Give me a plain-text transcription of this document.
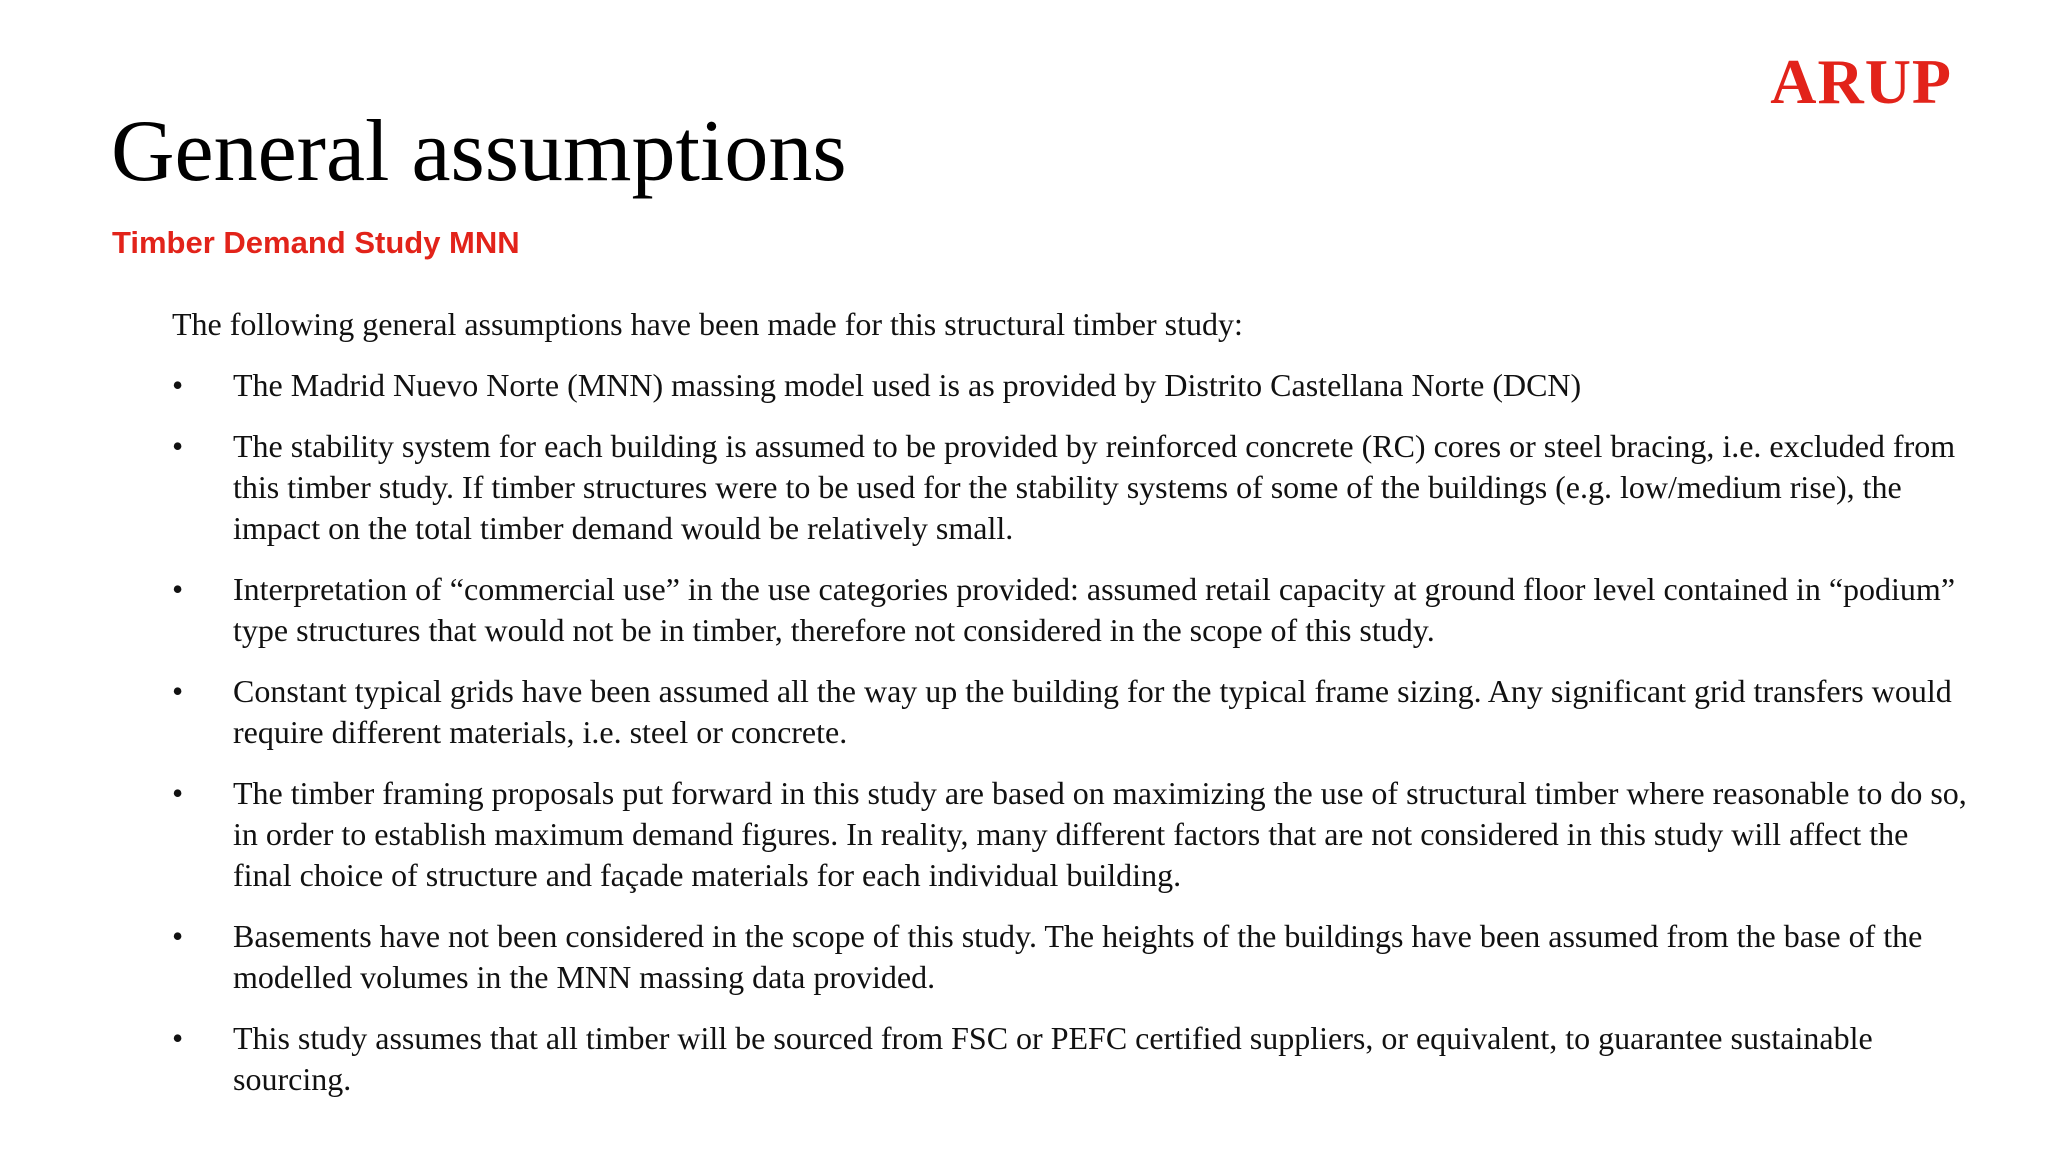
ARUP
General assumptions
Timber Demand Study MNN

The following general assumptions have been made for this structural timber study:

• The Madrid Nuevo Norte (MNN) massing model used is as provided by Distrito Castellana Norte (DCN)
• The stability system for each building is assumed to be provided by reinforced concrete (RC) cores or steel bracing, i.e. excluded from this timber study. If timber structures were to be used for the stability systems of some of the buildings (e.g. low/medium rise), the impact on the total timber demand would be relatively small.
• Interpretation of “commercial use” in the use categories provided: assumed retail capacity at ground floor level contained in “podium” type structures that would not be in timber, therefore not considered in the scope of this study.
• Constant typical grids have been assumed all the way up the building for the typical frame sizing. Any significant grid transfers would require different materials, i.e. steel or concrete.
• The timber framing proposals put forward in this study are based on maximizing the use of structural timber where reasonable to do so, in order to establish maximum demand figures. In reality, many different factors that are not considered in this study will affect the final choice of structure and façade materials for each individual building.
• Basements have not been considered in the scope of this study. The heights of the buildings have been assumed from the base of the modelled volumes in the MNN massing data provided.
• This study assumes that all timber will be sourced from FSC or PEFC certified suppliers, or equivalent, to guarantee sustainable sourcing.
